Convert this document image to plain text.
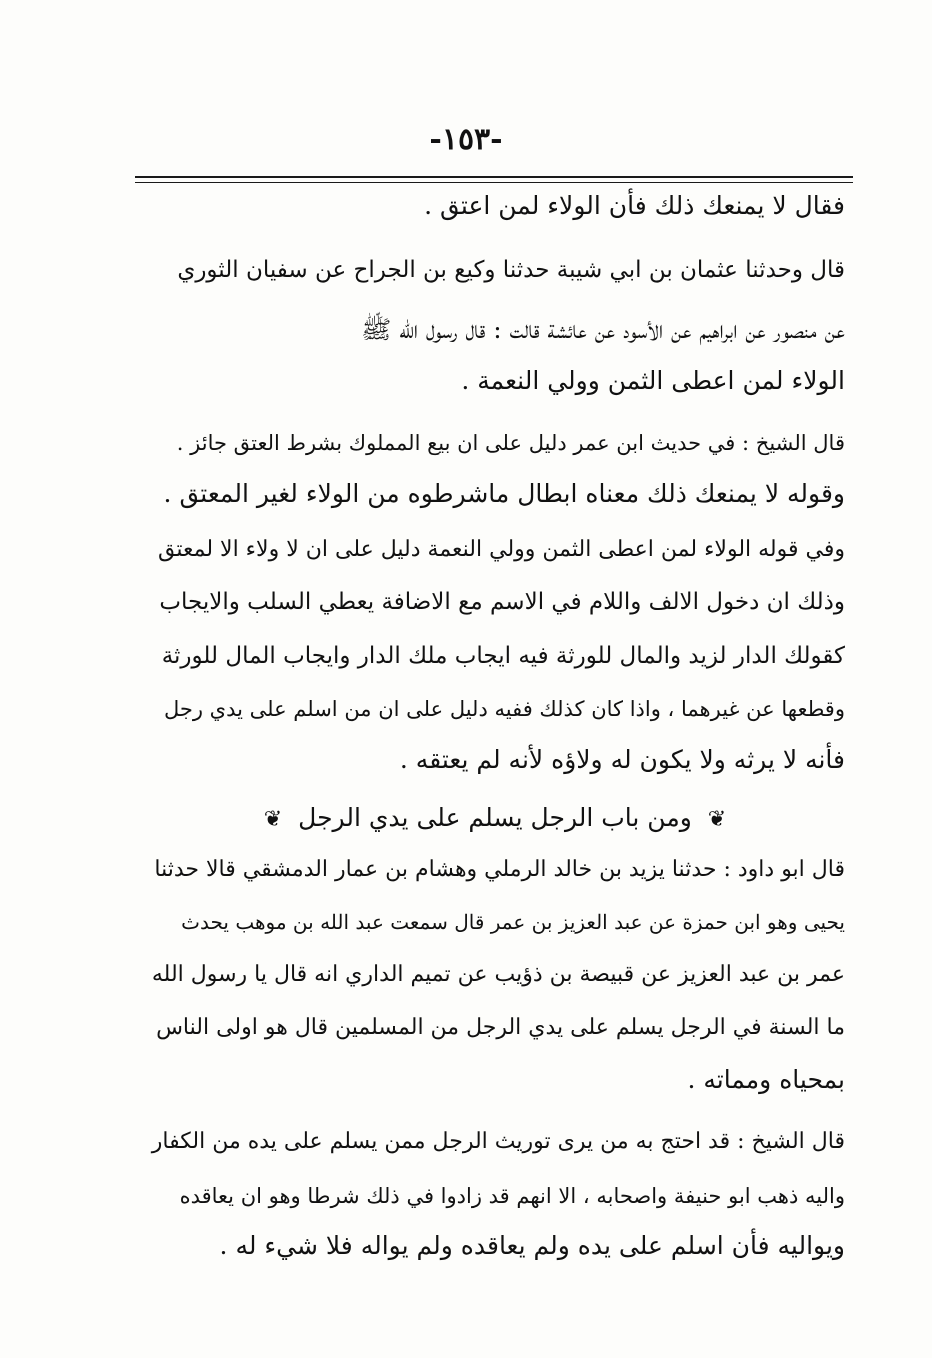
-١٥٣-
فقال لا يمنعك ذلك فأن الولاء لمن اعتق .
قال وحدثنا عثمان بن ابي شيبة حدثنا وكيع بن الجراح عن سفيان الثوري
عن منصور عن ابراهيم عن الأسود عن عائشة قالت : قال رسول الله ﷺ
الولاء لمن اعطى الثمن وولي النعمة .
قال الشيخ : في حديث ابن عمر دليل على ان بيع المملوك بشرط العتق جائز .
وقوله لا يمنعك ذلك معناه ابطال ماشرطوه من الولاء لغير المعتق .
وفي قوله الولاء لمن اعطى الثمن وولي النعمة دليل على ان لا ولاء الا لمعتق
وذلك ان دخول الالف واللام في الاسم مع الاضافة يعطي السلب والايجاب
كقولك الدار لزيد والمال للورثة فيه ايجاب ملك الدار وايجاب المال للورثة
وقطعها عن غيرهما ، واذا كان كذلك ففيه دليل على ان من اسلم على يدي رجل
فأنه لا يرثه ولا يكون له ولاؤه لأنه لم يعتقه .
❦ ومن باب الرجل يسلم على يدي الرجل ❦
قال ابو داود : حدثنا يزيد بن خالد الرملي وهشام بن عمار الدمشقي قالا حدثنا
يحيى وهو ابن حمزة عن عبد العزيز بن عمر قال سمعت عبد الله بن موهب يحدث
عمر بن عبد العزيز عن قبيصة بن ذؤيب عن تميم الداري انه قال يا رسول الله
ما السنة في الرجل يسلم على يدي الرجل من المسلمين قال هو اولى الناس
بمحياه ومماته .
قال الشيخ : قد احتج به من يرى توريث الرجل ممن يسلم على يده من الكفار
واليه ذهب ابو حنيفة واصحابه ، الا انهم قد زادوا في ذلك شرطا وهو ان يعاقده
ويواليه فأن اسلم على يده ولم يعاقده ولم يواله فلا شيء له .
